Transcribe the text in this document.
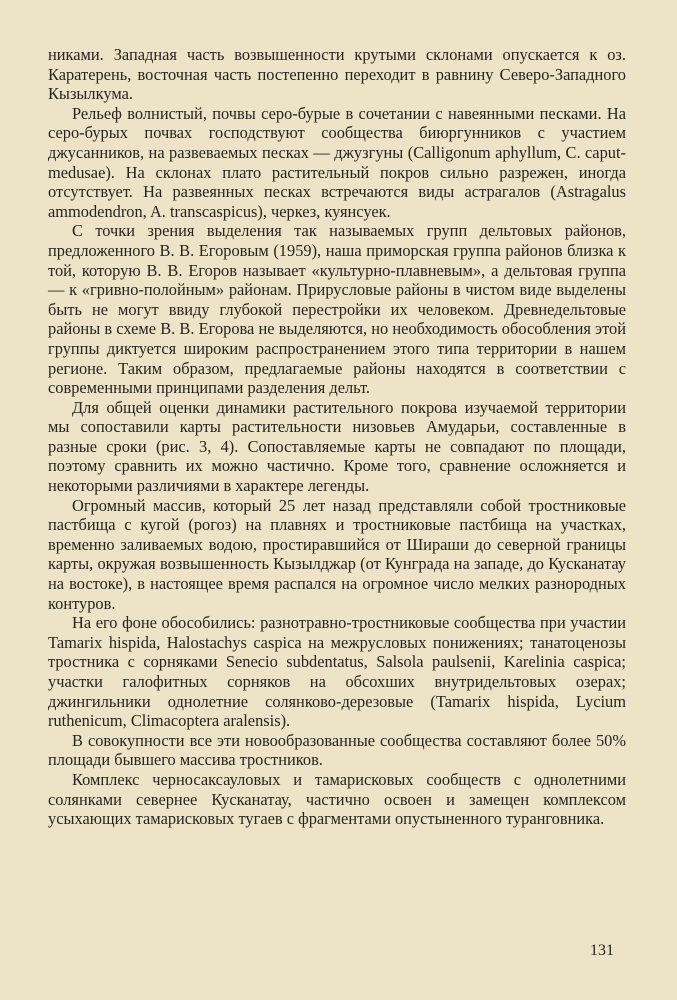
никами. Западная часть возвышенности крутыми склонами опускается к оз. Каратерень, восточная часть постепенно переходит в равнину Северо-Западного Кызылкума.

Рельеф волнистый, почвы серо-бурые в сочетании с навеянными песками. На серо-бурых почвах господствуют сообщества биюргунников с участием джусанников, на развеваемых песках — джузгуны (Calligonum aphyllum, C. caput-medusae). На склонах плато растительный покров сильно разрежен, иногда отсутствует. На развеянных песках встречаются виды астрагалов (Astragalus ammodendron, A. transcaspicus), черкез, куянсуек.

С точки зрения выделения так называемых групп дельтовых районов, предложенного В. В. Егоровым (1959), наша приморская группа районов близка к той, которую В. В. Егоров называет «культурно-плавневым», а дельтовая группа — к «гривно-полойным» районам. Прирусловые районы в чистом виде выделены быть не могут ввиду глубокой перестройки их человеком. Древнедельтовые районы в схеме В. В. Егорова не выделяются, но необходимость обособления этой группы диктуется широким распространением этого типа территории в нашем регионе. Таким образом, предлагаемые районы находятся в соответствии с современными принципами разделения дельт.

Для общей оценки динамики растительного покрова изучаемой территории мы сопоставили карты растительности низовьев Амударьи, составленные в разные сроки (рис. 3, 4). Сопоставляемые карты не совпадают по площади, поэтому сравнить их можно частично. Кроме того, сравнение осложняется и некоторыми различиями в характере легенды.

Огромный массив, который 25 лет назад представляли собой тростниковые пастбища с кугой (рогоз) на плавнях и тростниковые пастбища на участках, временно заливаемых водою, простиравшийся от Шираши до северной границы карты, окружая возвышенность Кызылджар (от Кунграда на западе, до Кусканатау на востоке), в настоящее время распался на огромное число мелких разнородных контуров.

На его фоне обособились: разнотравно-тростниковые сообщества при участии Tamarix hispida, Halostachys caspica на межрусловых понижениях; танатоценозы тростника с сорняками Senecio subdentatus, Salsola paulsenii, Karelinia caspica; участки галофитных сорняков на обсохших внутридельтовых озерах; джингильники однолетние солянково-дерезовые (Tamarix hispida, Lycium ruthenicum, Climacoptera aralensis).

В совокупности все эти новообразованные сообщества составляют более 50% площади бывшего массива тростников.

Комплекс черносаксауловых и тамарисковых сообществ с однолетними солянками севернее Кусканатау, частично освоен и замещен комплексом усыхающих тамарисковых тугаев с фрагментами опустыненного туранговника.

131
